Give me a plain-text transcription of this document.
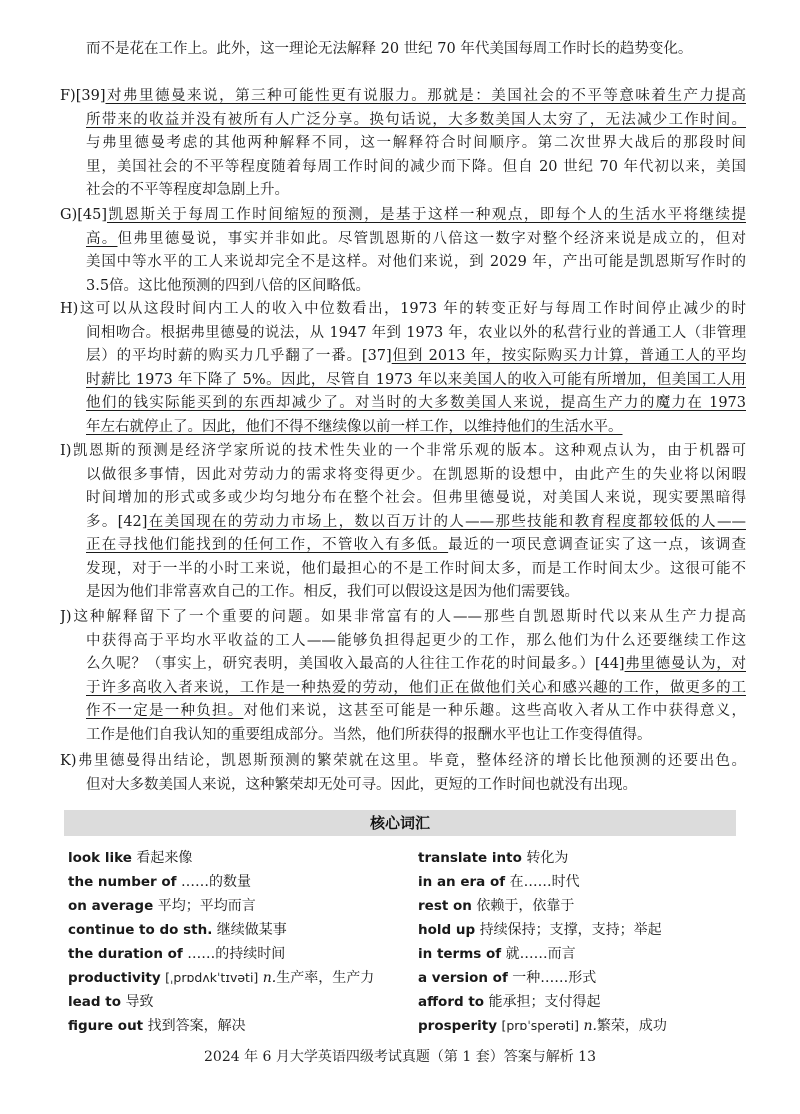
而不是花在工作上。此外，这一理论无法解释 20 世纪 70 年代美国每周工作时长的趋势变化。
F)[39]对弗里德曼来说，第三种可能性更有说服力。那就是：美国社会的不平等意味着生产力提高
所带来的收益并没有被所有人广泛分享。换句话说，大多数美国人太穷了，无法减少工作时间。
与弗里德曼考虑的其他两种解释不同，这一解释符合时间顺序。第二次世界大战后的那段时间
里，美国社会的不平等程度随着每周工作时间的减少而下降。但自 20 世纪 70 年代初以来，美国
社会的不平等程度却急剧上升。
G)[45]凯恩斯关于每周工作时间缩短的预测，是基于这样一种观点，即每个人的生活水平将继续提
高。但弗里德曼说，事实并非如此。尽管凯恩斯的八倍这一数字对整个经济来说是成立的，但对
美国中等水平的工人来说却完全不是这样。对他们来说，到 2029 年，产出可能是凯恩斯写作时的
3.5倍。这比他预测的四到八倍的区间略低。
H)这可以从这段时间内工人的收入中位数看出，1973 年的转变正好与每周工作时间停止减少的时
间相吻合。根据弗里德曼的说法，从 1947 年到 1973 年，农业以外的私营行业的普通工人（非管理
层）的平均时薪的购买力几乎翻了一番。[37]但到 2013 年，按实际购买力计算，普通工人的平均
时薪比 1973 年下降了 5%。因此，尽管自 1973 年以来美国人的收入可能有所增加，但美国工人用
他们的钱实际能买到的东西却减少了。对当时的大多数美国人来说，提高生产力的魔力在 1973
年左右就停止了。因此，他们不得不继续像以前一样工作，以维持他们的生活水平。
I)凯恩斯的预测是经济学家所说的技术性失业的一个非常乐观的版本。这种观点认为，由于机器可
以做很多事情，因此对劳动力的需求将变得更少。在凯恩斯的设想中，由此产生的失业将以闲暇
时间增加的形式或多或少均匀地分布在整个社会。但弗里德曼说，对美国人来说，现实要黑暗得
多。[42]在美国现在的劳动力市场上，数以百万计的人——那些技能和教育程度都较低的人——
正在寻找他们能找到的任何工作，不管收入有多低。最近的一项民意调查证实了这一点，该调查
发现，对于一半的小时工来说，他们最担心的不是工作时间太多，而是工作时间太少。这很可能不
是因为他们非常喜欢自己的工作。相反，我们可以假设这是因为他们需要钱。
J)这种解释留下了一个重要的问题。如果非常富有的人——那些自凯恩斯时代以来从生产力提高
中获得高于平均水平收益的工人——能够负担得起更少的工作，那么他们为什么还要继续工作这
么久呢？（事实上，研究表明，美国收入最高的人往往工作花的时间最多。）[44]弗里德曼认为，对
于许多高收入者来说，工作是一种热爱的劳动，他们正在做他们关心和感兴趣的工作，做更多的工
作不一定是一种负担。对他们来说，这甚至可能是一种乐趣。这些高收入者从工作中获得意义，
工作是他们自我认知的重要组成部分。当然，他们所获得的报酬水平也让工作变得值得。
K)弗里德曼得出结论，凯恩斯预测的繁荣就在这里。毕竟，整体经济的增长比他预测的还要出色。
但对大多数美国人来说，这种繁荣却无处可寻。因此，更短的工作时间也就没有出现。
核心词汇
look like 看起来像
the number of ……的数量
on average 平均；平均而言
continue to do sth. 继续做某事
the duration of ……的持续时间
productivity [ˌprɒdʌkˈtɪvəti] n.生产率，生产力
lead to 导致
figure out 找到答案，解决
translate into 转化为
in an era of 在……时代
rest on 依赖于，依靠于
hold up 持续保持；支撑，支持；举起
in terms of 就……而言
a version of 一种……形式
afford to 能承担；支付得起
prosperity [prɒˈsperəti] n.繁荣，成功
2024 年 6 月大学英语四级考试真题（第 1 套）答案与解析 13
